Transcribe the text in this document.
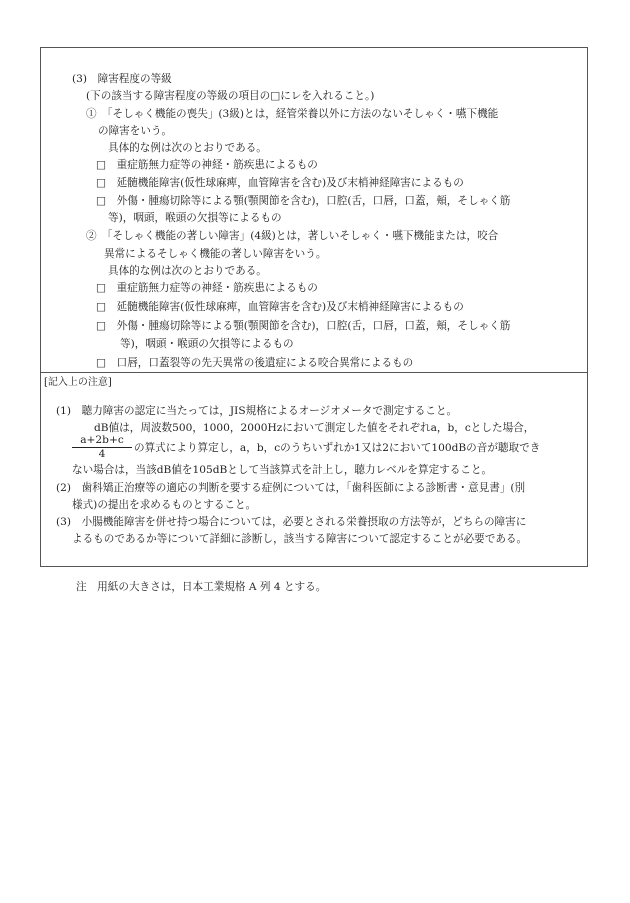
(3)　障害程度の等級
(下の該当する障害程度の等級の項目の□にレを入れること。)
①　「そしゃく機能の喪失」(3級)とは，経管栄養以外に方法のないそしゃく・嚥下機能
の障害をいう。
具体的な例は次のとおりである。
□　重症筋無力症等の神経・筋疾患によるもの
□　延髄機能障害(仮性球麻痺，血管障害を含む)及び末梢神経障害によるもの
□　外傷・腫瘍切除等による顎(顎関節を含む)，口腔(舌，口唇，口蓋，頬，そしゃく筋
等)，咽頭，喉頭の欠損等によるもの
②　「そしゃく機能の著しい障害」(4級)とは，著しいそしゃく・嚥下機能または，咬合
異常によるそしゃく機能の著しい障害をいう。
具体的な例は次のとおりである。
□　重症筋無力症等の神経・筋疾患によるもの
□　延髄機能障害(仮性球麻痺，血管障害を含む)及び末梢神経障害によるもの
□　外傷・腫瘍切除等による顎(顎関節を含む)，口腔(舌，口唇，口蓋，頬，そしゃく筋
等)，咽頭・喉頭の欠損等によるもの
□　口唇，口蓋裂等の先天異常の後遺症による咬合異常によるもの
[記入上の注意]
(1)　聴力障害の認定に当たっては，JIS規格によるオージオメータで測定すること。
dB値は，周波数500，1000，2000Hzにおいて測定した値をそれぞれa，b，cとした場合，
$\frac{a+2b+c}{4}$ の算式により算定し，a，b，cのうちいずれか1又は2において100dBの音が聴取でき
ない場合は，当該dB値を105dBとして当該算式を計上し，聴力レベルを算定すること。
(2)　歯科矯正治療等の適応の判断を要する症例については，「歯科医師による診断書・意見書」(別
様式)の提出を求めるものとすること。
(3)　小腸機能障害を併せ持つ場合については，必要とされる栄養摂取の方法等が，どちらの障害に
よるものであるか等について詳細に診断し，該当する障害について認定することが必要である。
注　用紙の大きさは，日本工業規格 A 列 4 とする。
